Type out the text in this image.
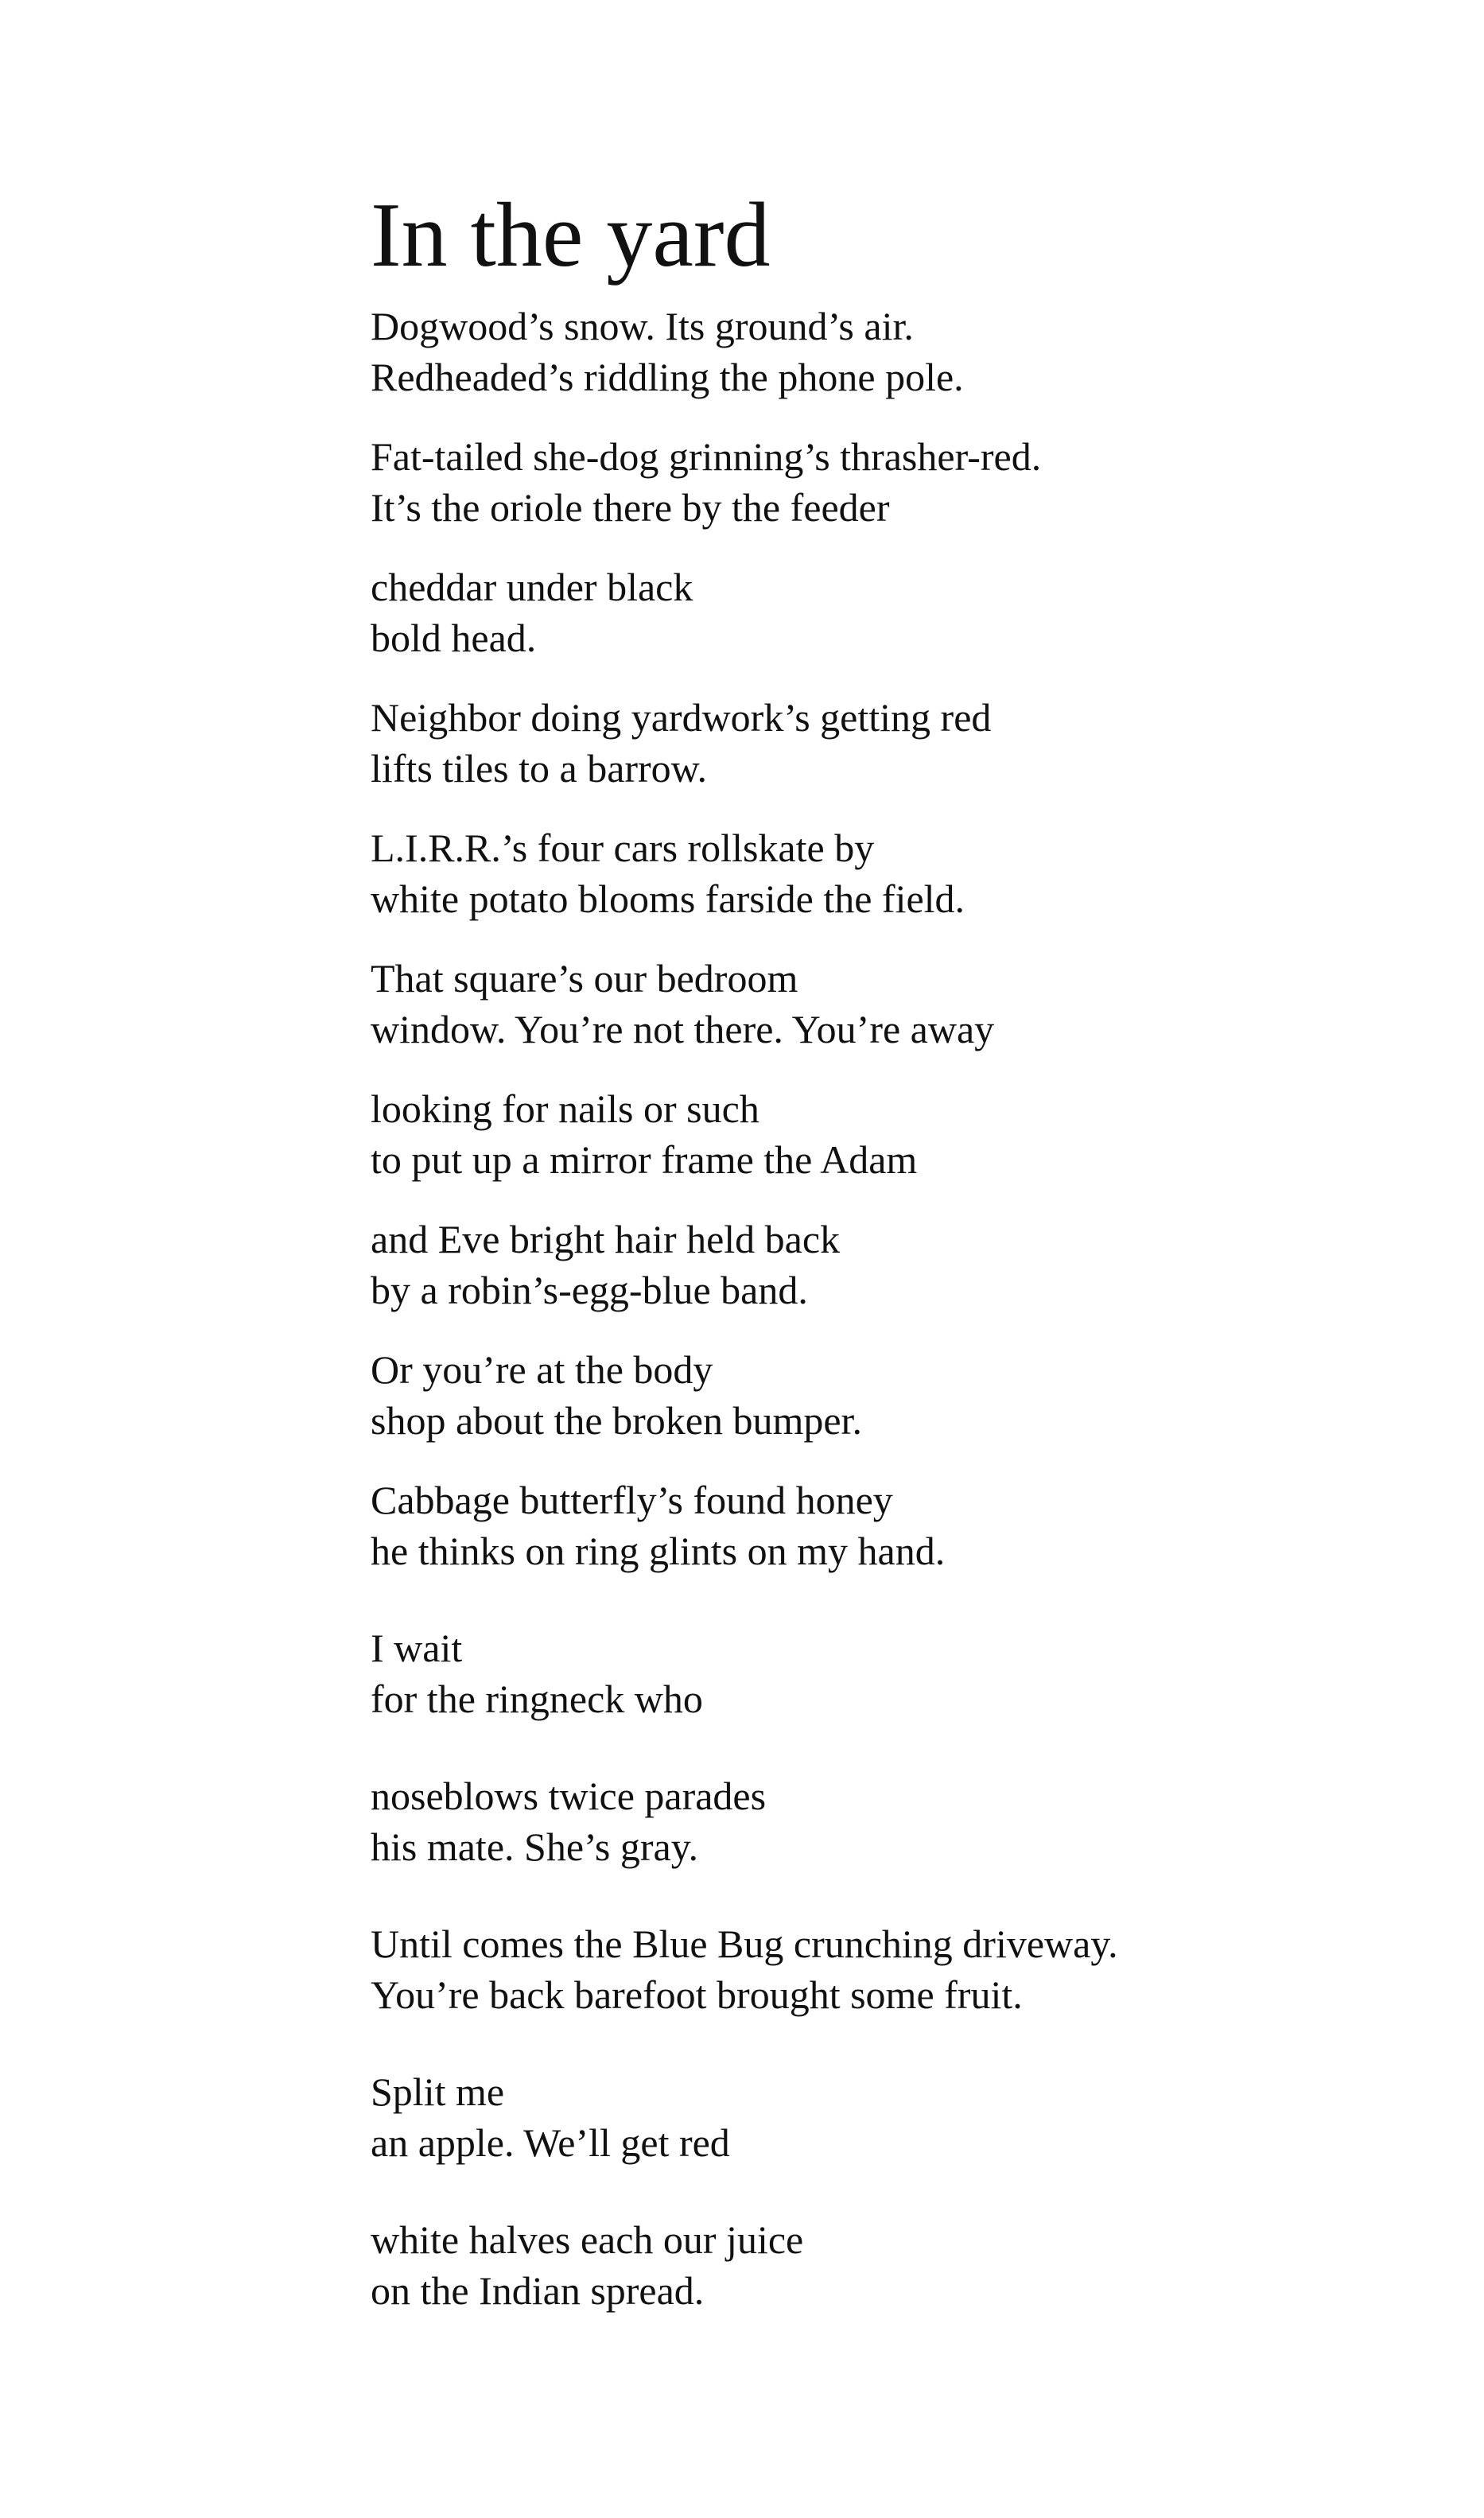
In the yard
Dogwood’s snow. Its ground’s air.
Redheaded’s riddling the phone pole.
Fat-tailed she-dog grinning’s thrasher-red.
It’s the oriole there by the feeder
cheddar under black
bold head.
Neighbor doing yardwork’s getting red
lifts tiles to a barrow.
L.I.R.R.’s four cars rollskate by
white potato blooms farside the field.
That square’s our bedroom
window. You’re not there. You’re away
looking for nails or such
to put up a mirror frame the Adam
and Eve bright hair held back
by a robin’s-egg-blue band.
Or you’re at the body
shop about the broken bumper.
Cabbage butterfly’s found honey
he thinks on ring glints on my hand.
I wait
for the ringneck who
noseblows twice parades
his mate. She’s gray.
Until comes the Blue Bug crunching driveway.
You’re back barefoot brought some fruit.
Split me
an apple. We’ll get red
white halves each our juice
on the Indian spread.
